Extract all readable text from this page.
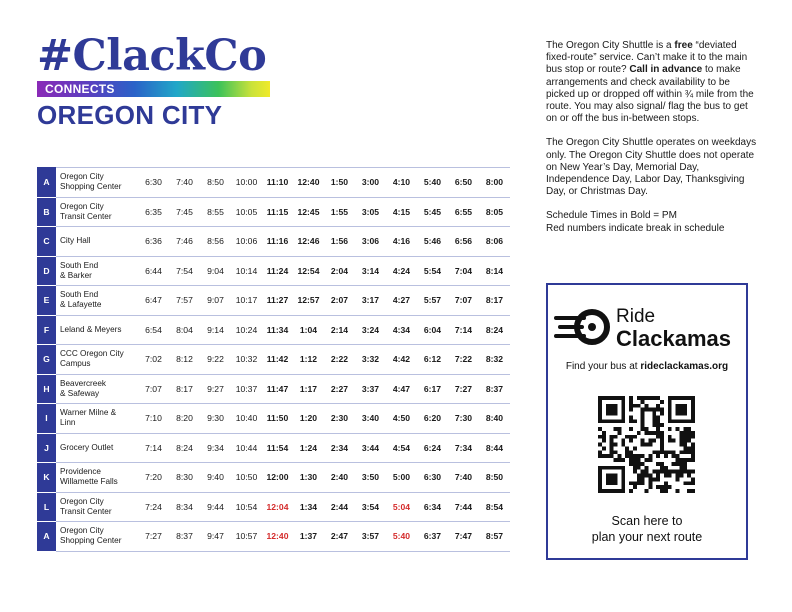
#ClackCo
CONNECTS
OREGON CITY

The Oregon City Shuttle is a free “deviated fixed-route” service. Can’t make it to the main bus stop or route? Call in advance to make arrangements and check availability to be picked up or dropped off within ¾ mile from the route. You may also signal/ flag the bus to get on or off the bus in-between stops.

The Oregon City Shuttle operates on weekdays only. The Oregon City Shuttle does not operate on New Year’s Day, Memorial Day, Independence Day, Labor Day, Thanksgiving Day, or Christmas Day.

Schedule Times in Bold = PM
Red numbers indicate break in schedule

A	Oregon City
Shopping Center	6:30	7:40	8:50	10:00	11:10	12:40	1:50	3:00	4:10	5:40	6:50	8:00
B	Oregon City
Transit Center	6:35	7:45	8:55	10:05	11:15	12:45	1:55	3:05	4:15	5:45	6:55	8:05
C	City Hall	6:36	7:46	8:56	10:06	11:16	12:46	1:56	3:06	4:16	5:46	6:56	8:06
D	South End
& Barker	6:44	7:54	9:04	10:14	11:24	12:54	2:04	3:14	4:24	5:54	7:04	8:14
E	South End
& Lafayette	6:47	7:57	9:07	10:17	11:27	12:57	2:07	3:17	4:27	5:57	7:07	8:17
F	Leland & Meyers	6:54	8:04	9:14	10:24	11:34	1:04	2:14	3:24	4:34	6:04	7:14	8:24
G	CCC Oregon City
Campus	7:02	8:12	9:22	10:32	11:42	1:12	2:22	3:32	4:42	6:12	7:22	8:32
H	Beavercreek
& Safeway	7:07	8:17	9:27	10:37	11:47	1:17	2:27	3:37	4:47	6:17	7:27	8:37
I	Warner Milne &
Linn	7:10	8:20	9:30	10:40	11:50	1:20	2:30	3:40	4:50	6:20	7:30	8:40
J	Grocery Outlet	7:14	8:24	9:34	10:44	11:54	1:24	2:34	3:44	4:54	6:24	7:34	8:44
K	Providence
Willamette Falls	7:20	8:30	9:40	10:50	12:00	1:30	2:40	3:50	5:00	6:30	7:40	8:50
L	Oregon City
Transit Center	7:24	8:34	9:44	10:54	12:04	1:34	2:44	3:54	5:04	6:34	7:44	8:54
A	Oregon City
Shopping Center	7:27	8:37	9:47	10:57	12:40	1:37	2:47	3:57	5:40	6:37	7:47	8:57
Ride
Clackamas
Find your bus at rideclackamas.org
Scan here to
plan your next route
